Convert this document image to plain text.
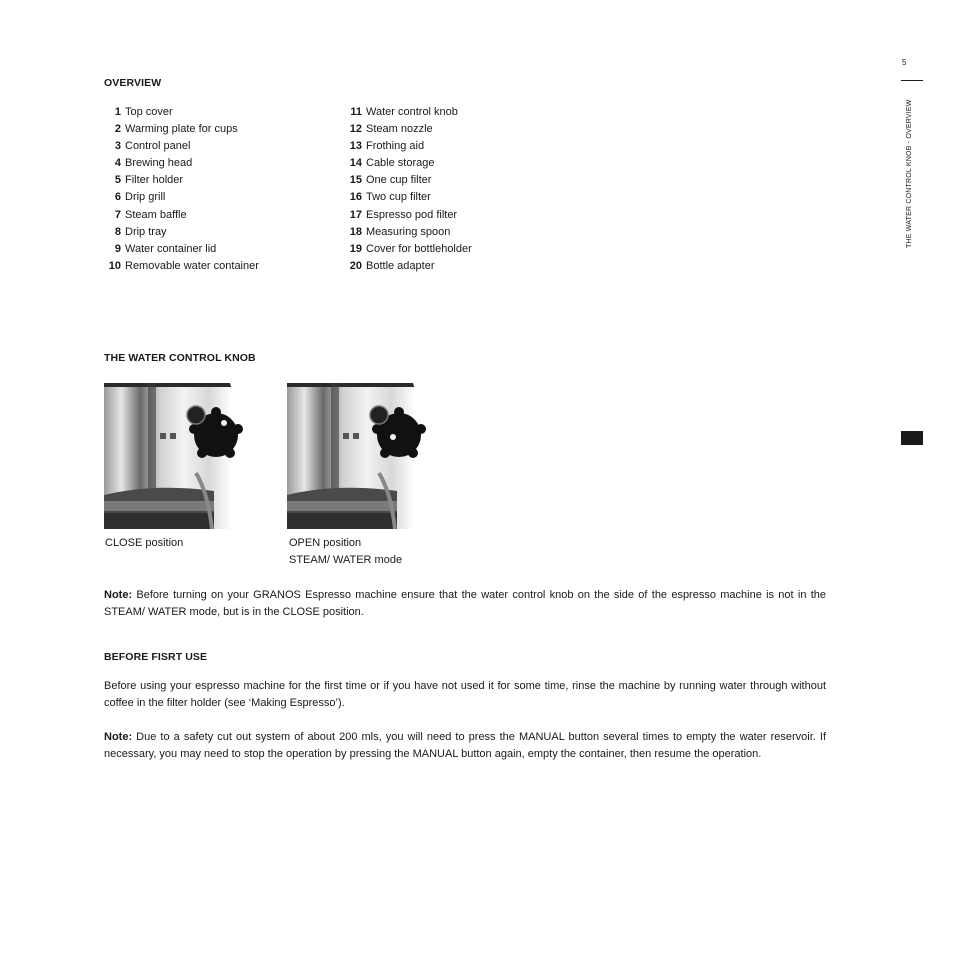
5
THE WATER CONTROL KNOB - OVERVIEW
OVERVIEW
1 Top cover
2 Warming plate for cups
3 Control panel
4 Brewing head
5 Filter holder
6 Drip grill
7 Steam baffle
8 Drip tray
9 Water container lid
10 Removable water container
11 Water control knob
12 Steam nozzle
13 Frothing aid
14 Cable storage
15 One cup filter
16 Two cup filter
17 Espresso pod filter
18 Measuring spoon
19 Cover for bottleholder
20 Bottle adapter
THE WATER CONTROL KNOB
CLOSE position	OPEN position
STEAM/ WATER mode

Note: Before turning on your GRANOS Espresso machine ensure that the water control knob on the side of the espresso machine is not in the STEAM/ WATER mode, but is in the CLOSE position.

BEFORE FISRT USE

Before using your espresso machine for the first time or if you have not used it for some time, rinse the machine by running water through without coffee in the filter holder (see ‘Making Espresso’).

Note: Due to a safety cut out system of about 200 mls, you will need to press the MANUAL button several times to empty the water reservoir. If necessary, you may need to stop the operation by pressing the MANUAL button again, empty the container, then resume the operation.
